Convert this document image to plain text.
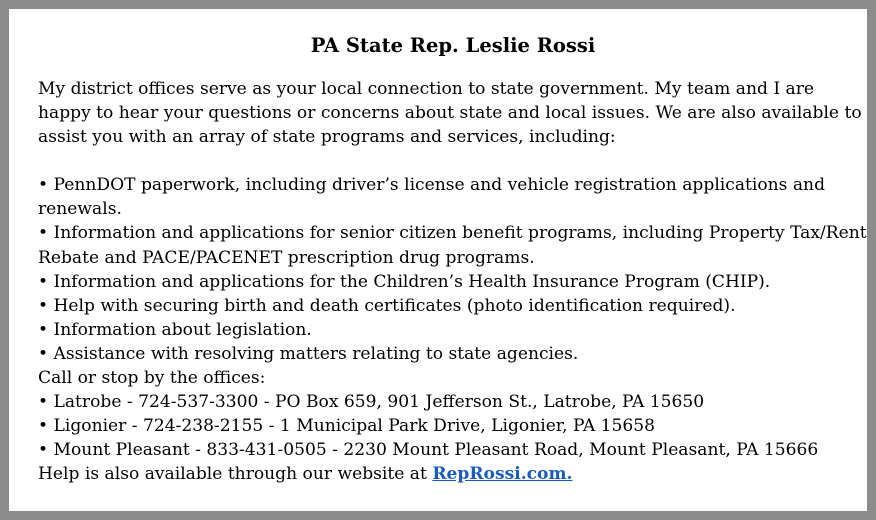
PA State Rep. Leslie Rossi

My district offices serve as your local connection to state government. My team and I are happy to hear your questions or concerns about state and local issues. We are also available to assist you with an array of state programs and services, including:

• PennDOT paperwork, including driver’s license and vehicle registration applications and renewals.

• Information and applications for senior citizen benefit programs, including Property Tax/Rent Rebate and PACE/PACENET prescription drug programs.

• Information and applications for the Children’s Health Insurance Program (CHIP).

• Help with securing birth and death certificates (photo identification required).

• Information about legislation.

• Assistance with resolving matters relating to state agencies.

Call or stop by the offices:

• Latrobe - 724-537-3300 - PO Box 659, 901 Jefferson St., Latrobe, PA 15650

• Ligonier - 724-238-2155 - 1 Municipal Park Drive, Ligonier, PA 15658

• Mount Pleasant - 833-431-0505 - 2230 Mount Pleasant Road, Mount Pleasant, PA 15666

Help is also available through our website at RepRossi.com.
